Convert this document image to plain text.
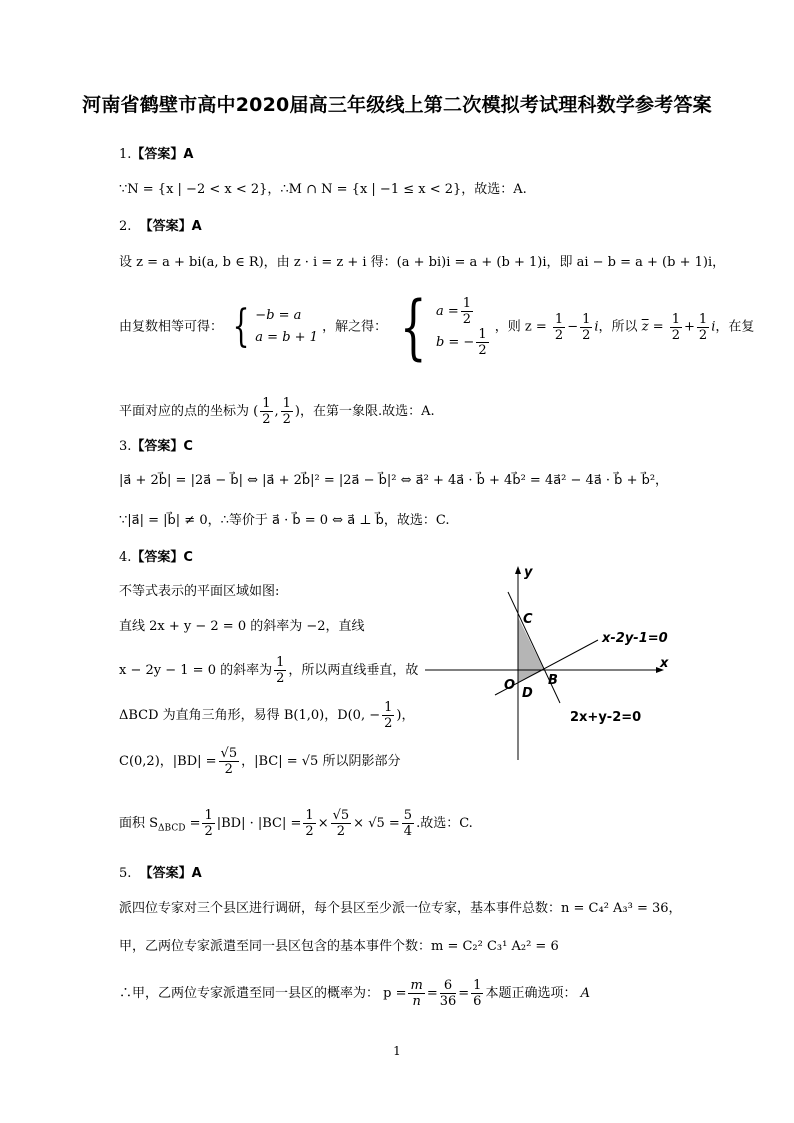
河南省鹤壁市高中2020届高三年级线上第二次模拟考试理科数学参考答案
1.【答案】A
∵N = {x | −2 < x < 2}，∴M ∩ N = {x | −1 ≤ x < 2}，故选：A.
2. 【答案】A
设 z = a + bi(a, b ∈ R)，由 z · i = z + i 得：(a + bi)i = a + (b + 1)i，即 ai − b = a + (b + 1)i，
由复数相等可得： { −b = a
a = b + 1
，解之得： { $a = \frac{1}{2}$
b = − $\frac{1}{2}$ ，则 $z = \frac{1}{2} - \frac{1}{2}$ i，所以 $\overline{z} = \frac{1}{2} + \frac{1}{2}$ i，在复
平面对应的点的坐标为 ( $\frac{1}{2}$ , $\frac{1}{2}$ )，在第一象限.故选：A.
3.【答案】C
|a⃗ + 2b⃗| = |2a⃗ − b⃗| ⇔ |a⃗ + 2b⃗|² = |2a⃗ − b⃗|² ⇔ a⃗² + 4a⃗ · b⃗ + 4b⃗² = 4a⃗² − 4a⃗ · b⃗ + b⃗²，
∵|a⃗| = |b⃗| ≠ 0，∴等价于 a⃗ · b⃗ = 0 ⇔ a⃗ ⊥ b⃗，故选：C.
4.【答案】C
不等式表示的平面区域如图:
直线 2x + y − 2 = 0 的斜率为 −2，直线
x − 2y − 1 = 0 的斜率为 $\frac{1}{2}$ ，所以两直线垂直，故
ΔBCD 为直角三角形，易得 B(1,0)，D(0, − $\frac{1}{2}$ )，
C(0,2)，$|BD| = \frac{√5}{2}$ ，|BC| = √5 所以阴影部分
面积 $S_{\Delta BCD} = \frac{1}{2} |BD| \cdot |BC| = \frac{1}{2} \times \frac{√5}{2} \times √5 = \frac{5}{4}$ .故选：C.
y
x
C
O
D
B
x-2y-1=0
2x+y-2=0
5. 【答案】A
派四位专家对三个县区进行调研，每个县区至少派一位专家，基本事件总数：n = C₄² A₃³ = 36，
甲，乙两位专家派遣至同一县区包含的基本事件个数：m = C₂² C₃¹ A₂² = 6
∴甲，乙两位专家派遣至同一县区的概率为： $p = \frac{m}{n} = \frac{6}{36} = \frac{1}{6}$ 本题正确选项： A
1
